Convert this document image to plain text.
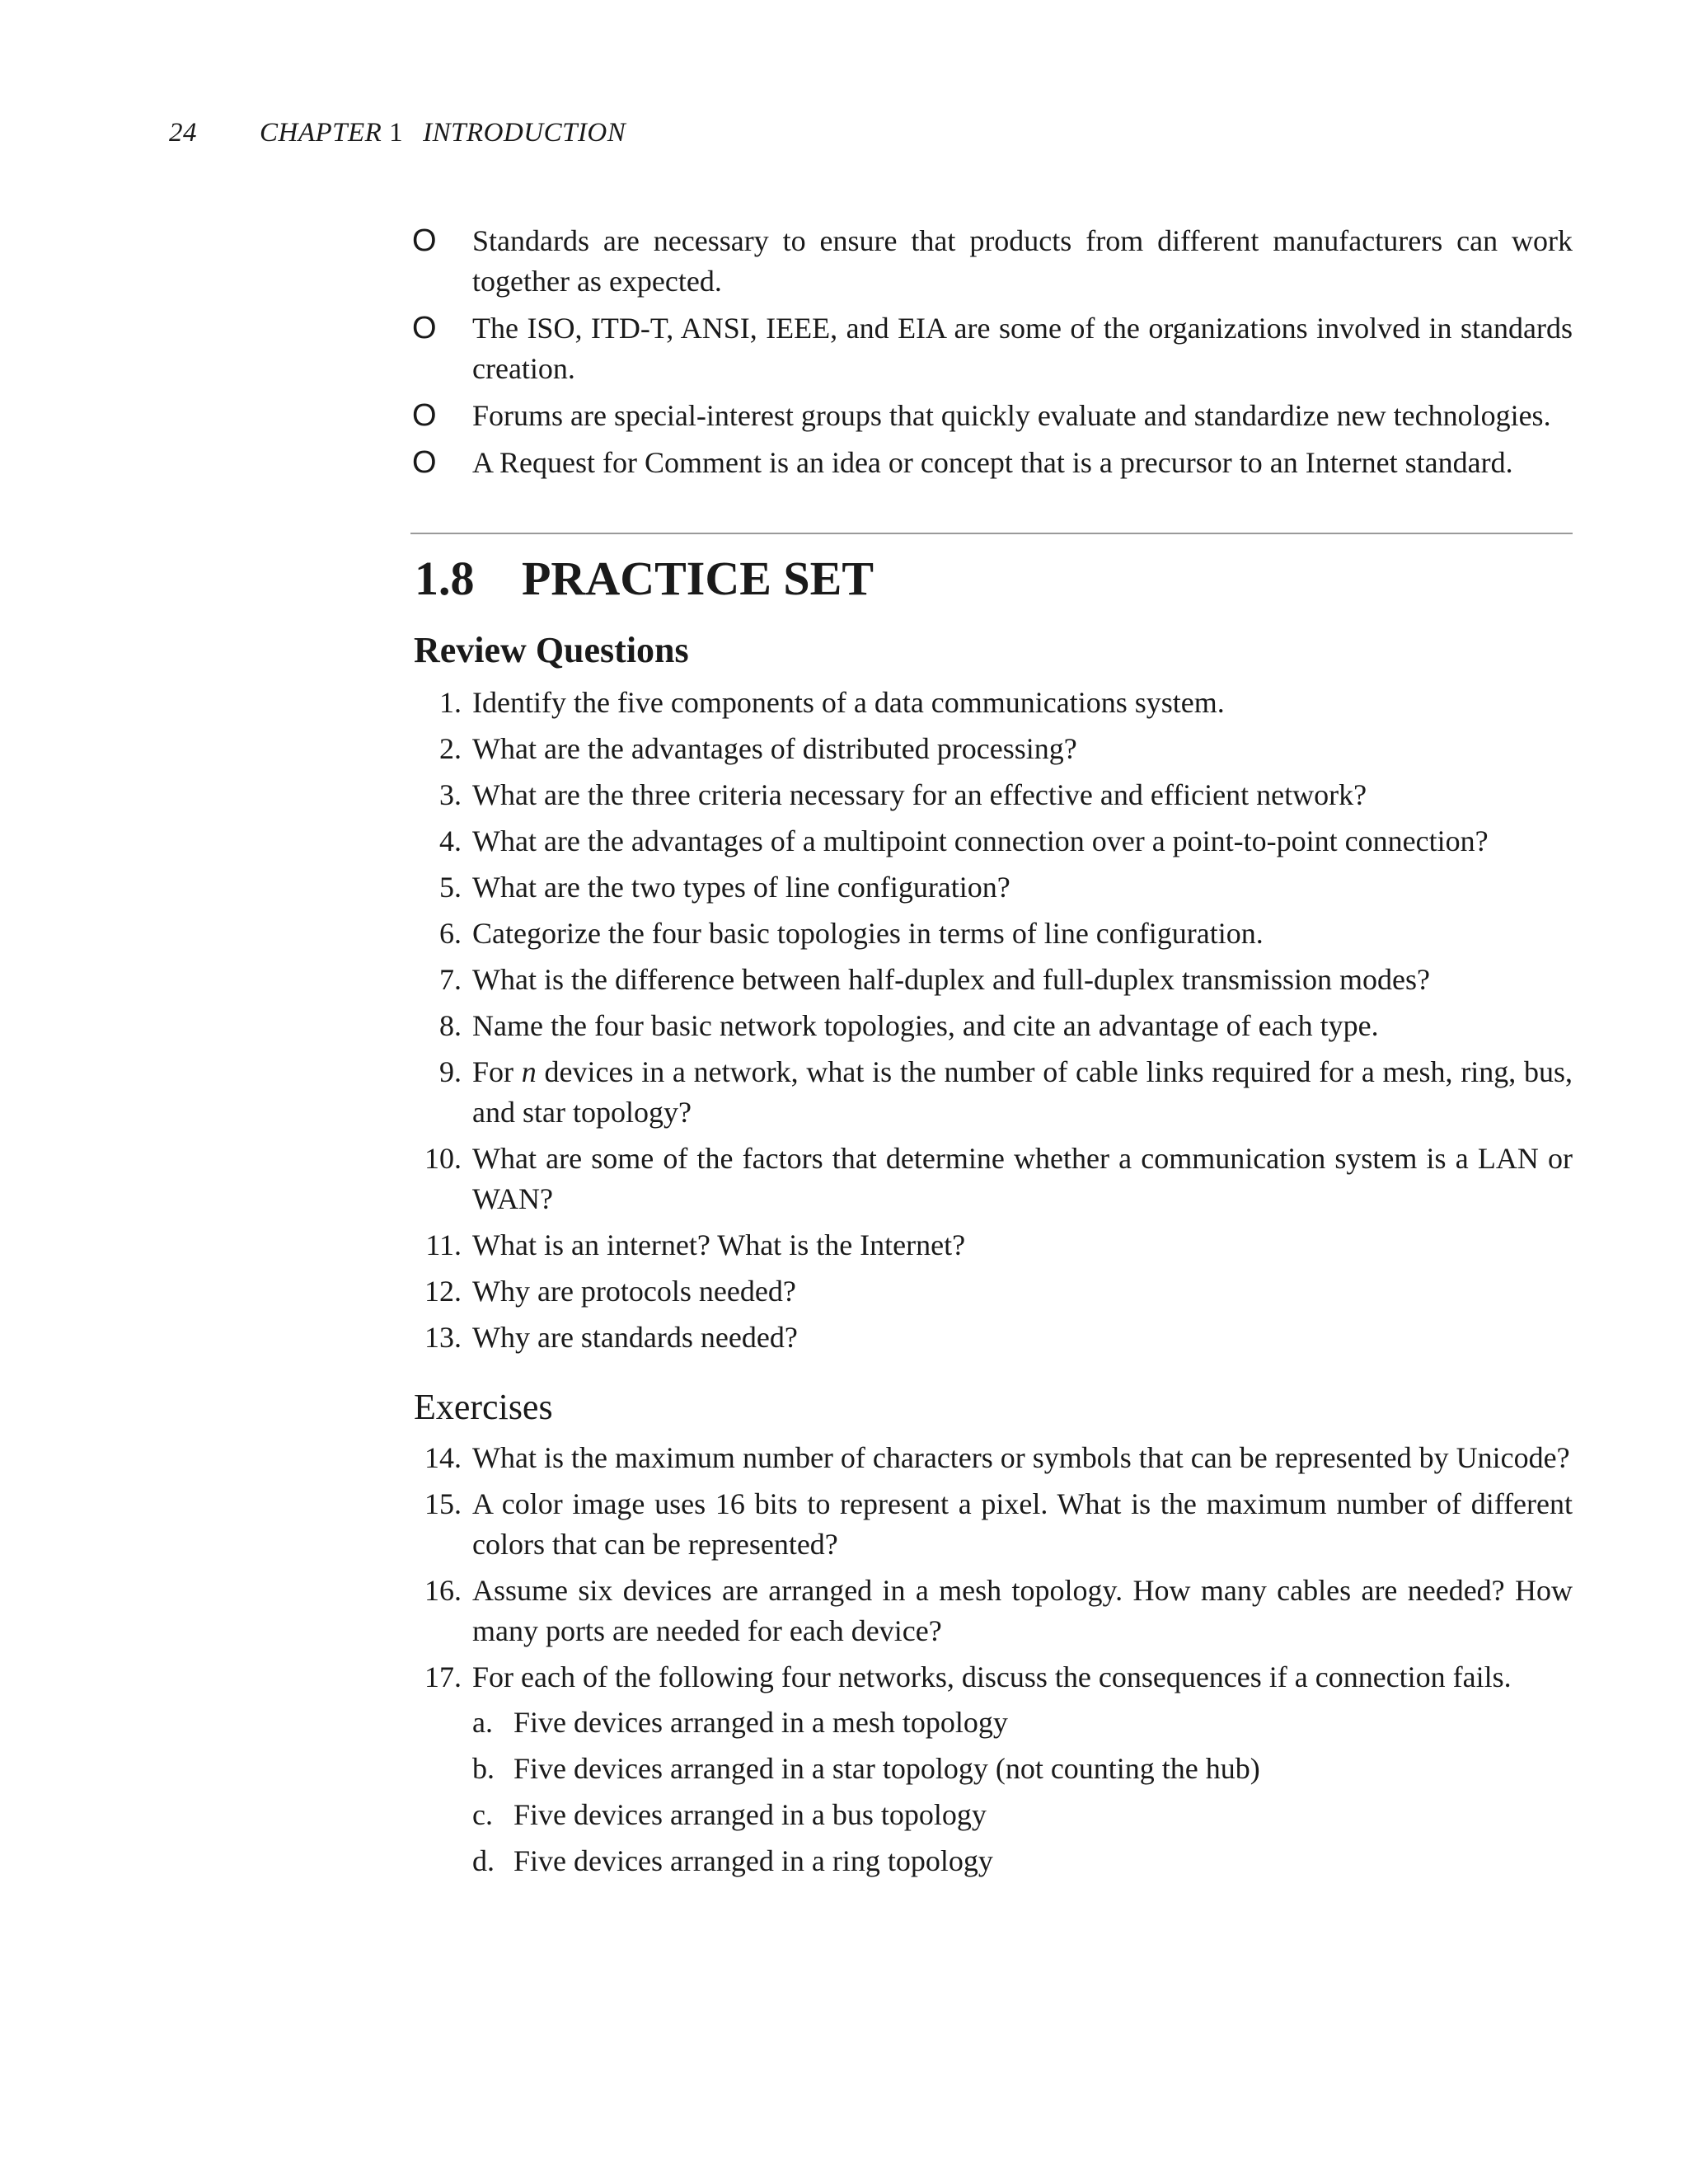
24 CHAPTER 1 INTRODUCTION
O Standards are necessary to ensure that products from different manufacturers can work together as expected.
O The ISO, ITD-T, ANSI, IEEE, and EIA are some of the organizations involved in standards creation.
O Forums are special-interest groups that quickly evaluate and standardize new technologies.
O A Request for Comment is an idea or concept that is a precursor to an Internet standard.
1.8 PRACTICE SET
Review Questions
1. Identify the five components of a data communications system.
2. What are the advantages of distributed processing?
3. What are the three criteria necessary for an effective and efficient network?
4. What are the advantages of a multipoint connection over a point-to-point connection?
5. What are the two types of line configuration?
6. Categorize the four basic topologies in terms of line configuration.
7. What is the difference between half-duplex and full-duplex transmission modes?
8. Name the four basic network topologies, and cite an advantage of each type.
9. For n devices in a network, what is the number of cable links required for a mesh, ring, bus, and star topology?
10. What are some of the factors that determine whether a communication system is a LAN or WAN?
11. What is an internet? What is the Internet?
12. Why are protocols needed?
13. Why are standards needed?
Exercises
14. What is the maximum number of characters or symbols that can be represented by Unicode?
15. A color image uses 16 bits to represent a pixel. What is the maximum number of different colors that can be represented?
16. Assume six devices are arranged in a mesh topology. How many cables are needed? How many ports are needed for each device?
17. For each of the following four networks, discuss the consequences if a connection fails.
a. Five devices arranged in a mesh topology
b. Five devices arranged in a star topology (not counting the hub)
c. Five devices arranged in a bus topology
d. Five devices arranged in a ring topology
